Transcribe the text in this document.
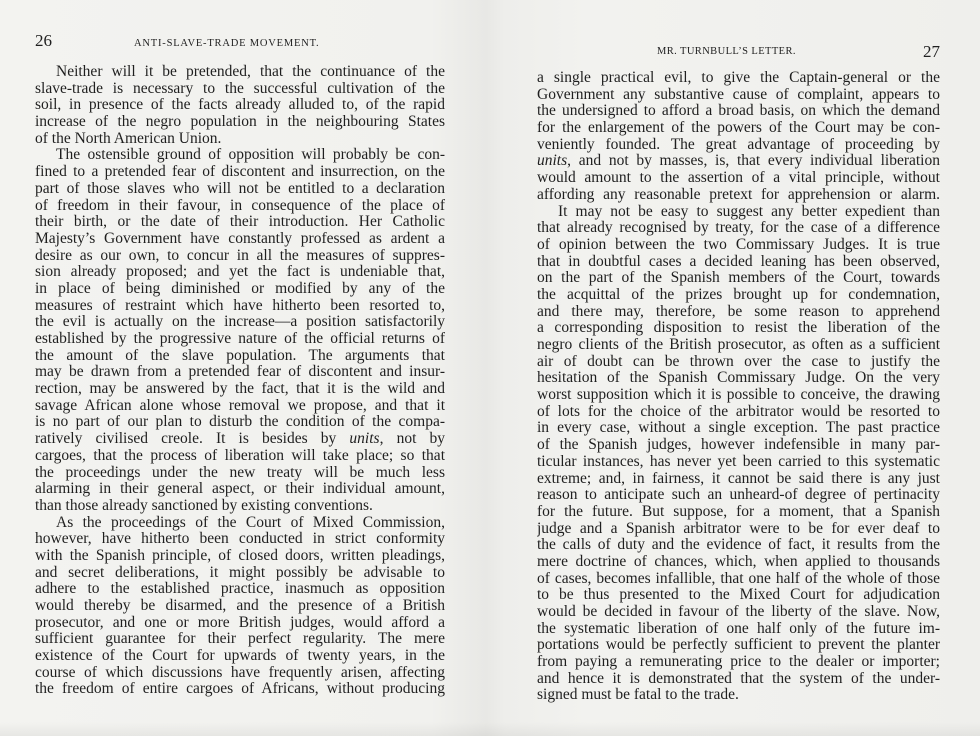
26	ANTI-SLAVE-TRADE MOVEMENT.
Neither will it be pretended, that the continuance of the
slave-trade is necessary to the successful cultivation of the
soil, in presence of the facts already alluded to, of the rapid
increase of the negro population in the neighbouring States
of the North American Union.
The ostensible ground of opposition will probably be con-
fined to a pretended fear of discontent and insurrection, on the
part of those slaves who will not be entitled to a declaration
of freedom in their favour, in consequence of the place of
their birth, or the date of their introduction. Her Catholic
Majesty’s Government have constantly professed as ardent a
desire as our own, to concur in all the measures of suppres-
sion already proposed; and yet the fact is undeniable that,
in place of being diminished or modified by any of the
measures of restraint which have hitherto been resorted to,
the evil is actually on the increase—a position satisfactorily
established by the progressive nature of the official returns of
the amount of the slave population. The arguments that
may be drawn from a pretended fear of discontent and insur-
rection, may be answered by the fact, that it is the wild and
savage African alone whose removal we propose, and that it
is no part of our plan to disturb the condition of the compa-
ratively civilised creole. It is besides by units, not by
cargoes, that the process of liberation will take place; so that
the proceedings under the new treaty will be much less
alarming in their general aspect, or their individual amount,
than those already sanctioned by existing conventions.
As the proceedings of the Court of Mixed Commission,
however, have hitherto been conducted in strict conformity
with the Spanish principle, of closed doors, written pleadings,
and secret deliberations, it might possibly be advisable to
adhere to the established practice, inasmuch as opposition
would thereby be disarmed, and the presence of a British
prosecutor, and one or more British judges, would afford a
sufficient guarantee for their perfect regularity. The mere
existence of the Court for upwards of twenty years, in the
course of which discussions have frequently arisen, affecting
the freedom of entire cargoes of Africans, without producing
MR. TURNBULL’S LETTER.	27
a single practical evil, to give the Captain-general or the
Government any substantive cause of complaint, appears to
the undersigned to afford a broad basis, on which the demand
for the enlargement of the powers of the Court may be con-
veniently founded. The great advantage of proceeding by
units, and not by masses, is, that every individual liberation
would amount to the assertion of a vital principle, without
affording any reasonable pretext for apprehension or alarm.
It may not be easy to suggest any better expedient than
that already recognised by treaty, for the case of a difference
of opinion between the two Commissary Judges. It is true
that in doubtful cases a decided leaning has been observed,
on the part of the Spanish members of the Court, towards
the acquittal of the prizes brought up for condemnation,
and there may, therefore, be some reason to apprehend
a corresponding disposition to resist the liberation of the
negro clients of the British prosecutor, as often as a sufficient
air of doubt can be thrown over the case to justify the
hesitation of the Spanish Commissary Judge. On the very
worst supposition which it is possible to conceive, the drawing
of lots for the choice of the arbitrator would be resorted to
in every case, without a single exception. The past practice
of the Spanish judges, however indefensible in many par-
ticular instances, has never yet been carried to this systematic
extreme; and, in fairness, it cannot be said there is any just
reason to anticipate such an unheard-of degree of pertinacity
for the future. But suppose, for a moment, that a Spanish
judge and a Spanish arbitrator were to be for ever deaf to
the calls of duty and the evidence of fact, it results from the
mere doctrine of chances, which, when applied to thousands
of cases, becomes infallible, that one half of the whole of those
to be thus presented to the Mixed Court for adjudication
would be decided in favour of the liberty of the slave. Now,
the systematic liberation of one half only of the future im-
portations would be perfectly sufficient to prevent the planter
from paying a remunerating price to the dealer or importer;
and hence it is demonstrated that the system of the under-
signed must be fatal to the trade.
